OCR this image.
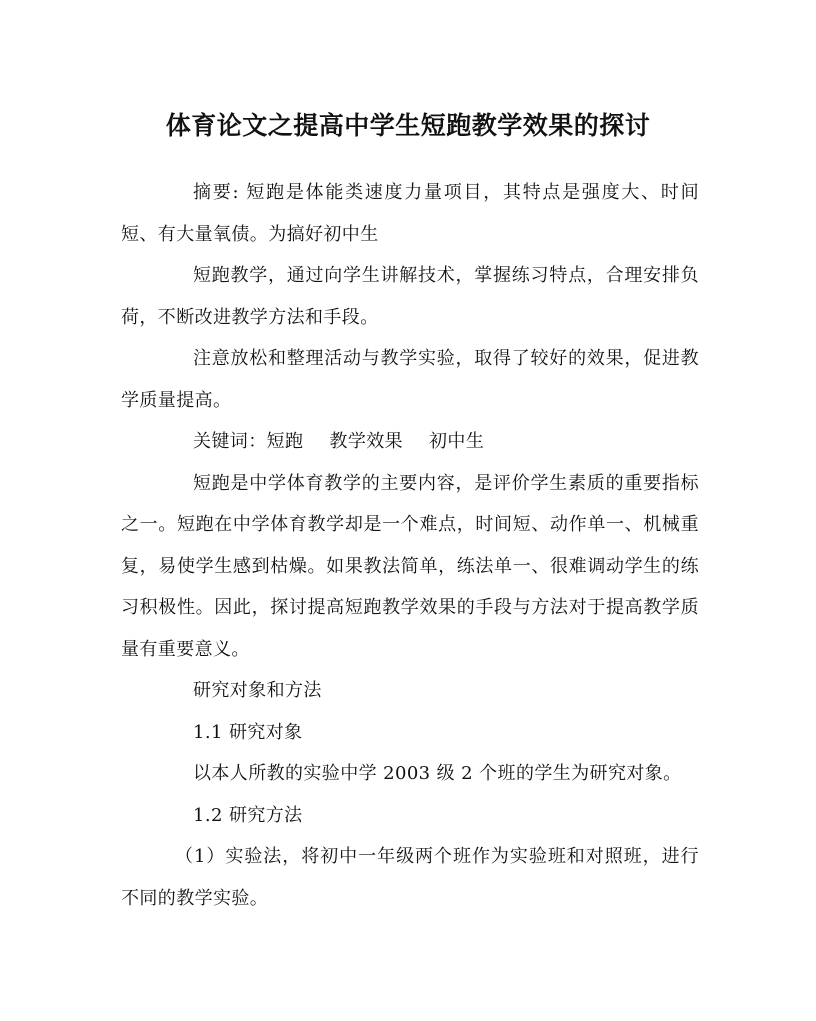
体育论文之提高中学生短跑教学效果的探讨

摘要: 短跑是体能类速度力量项目，其特点是强度大、时间短、有大量氧债。为搞好初中生

短跑教学，通过向学生讲解技术，掌握练习特点，合理安排负荷，不断改进教学方法和手段。

注意放松和整理活动与教学实验，取得了较好的效果，促进教学质量提高。

关键词：短跑 教学效果 初中生

短跑是中学体育教学的主要内容，是评价学生素质的重要指标之一。短跑在中学体育教学却是一个难点，时间短、动作单一、机械重复，易使学生感到枯燥。如果教法简单，练法单一、很难调动学生的练习积极性。因此，探讨提高短跑教学效果的手段与方法对于提高教学质量有重要意义。

研究对象和方法

1.1 研究对象

以本人所教的实验中学 2003 级 2 个班的学生为研究对象。

1.2 研究方法

（1）实验法，将初中一年级两个班作为实验班和对照班，进行不同的教学实验。
